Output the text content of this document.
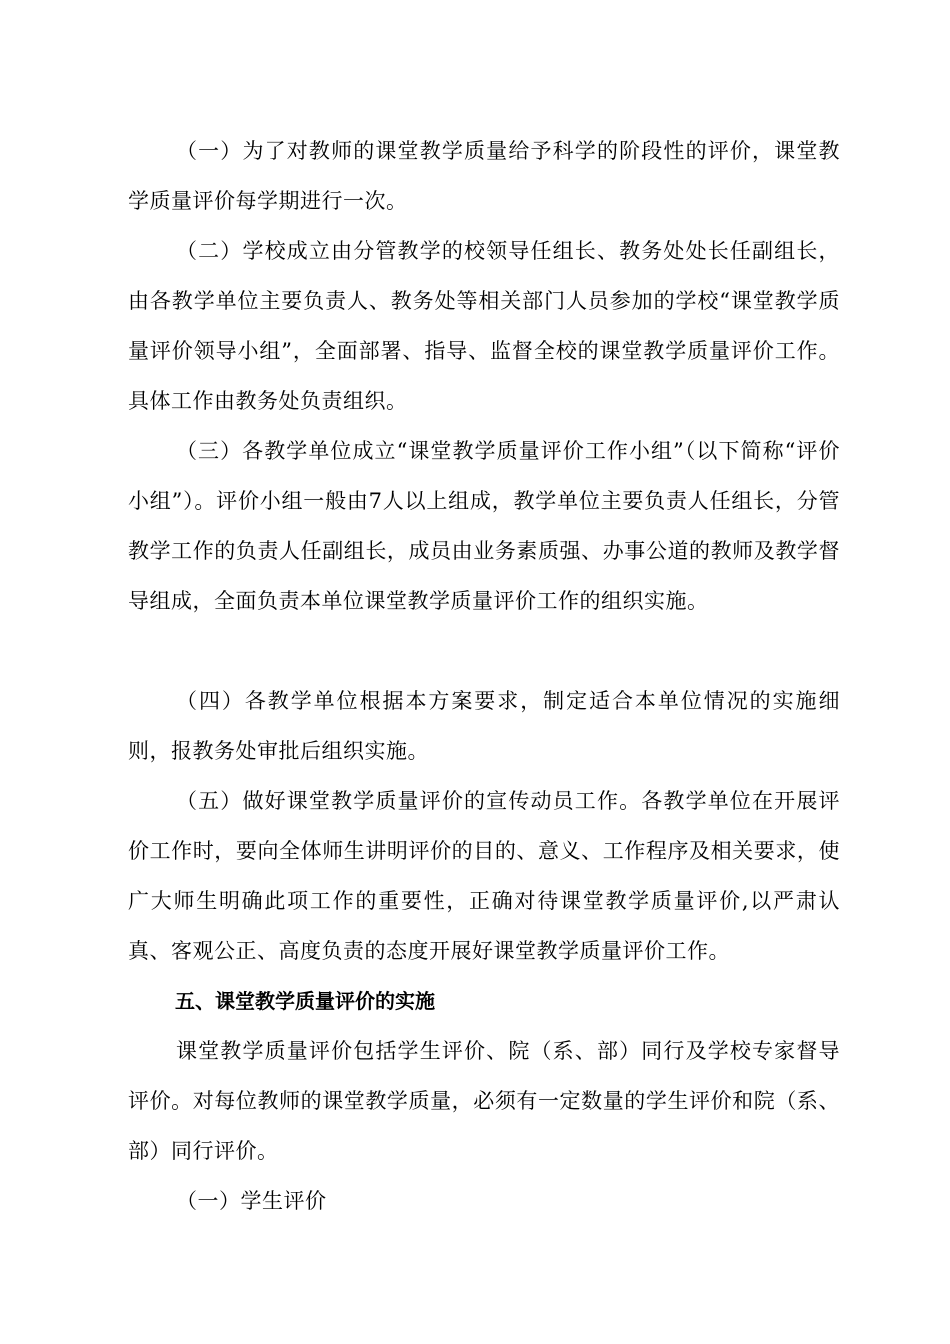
（一）为了对教师的课堂教学质量给予科学的阶段性的评价，课堂教学质量评价每学期进行一次。

（二）学校成立由分管教学的校领导任组长、教务处处长任副组长，由各教学单位主要负责人、教务处等相关部门人员参加的学校“课堂教学质量评价领导小组”，全面部署、指导、监督全校的课堂教学质量评价工作。具体工作由教务处负责组织。

（三）各教学单位成立“课堂教学质量评价工作小组”（以下简称“评价小组”）。评价小组一般由7人以上组成，教学单位主要负责人任组长，分管教学工作的负责人任副组长，成员由业务素质强、办事公道的教师及教学督导组成，全面负责本单位课堂教学质量评价工作的组织实施。

（四）各教学单位根据本方案要求，制定适合本单位情况的实施细则，报教务处审批后组织实施。

（五）做好课堂教学质量评价的宣传动员工作。各教学单位在开展评价工作时，要向全体师生讲明评价的目的、意义、工作程序及相关要求，使广大师生明确此项工作的重要性，正确对待课堂教学质量评价,以严肃认真、客观公正、高度负责的态度开展好课堂教学质量评价工作。

五、课堂教学质量评价的实施

课堂教学质量评价包括学生评价、院（系、部）同行及学校专家督导评价。对每位教师的课堂教学质量，必须有一定数量的学生评价和院（系、部）同行评价。

（一）学生评价
